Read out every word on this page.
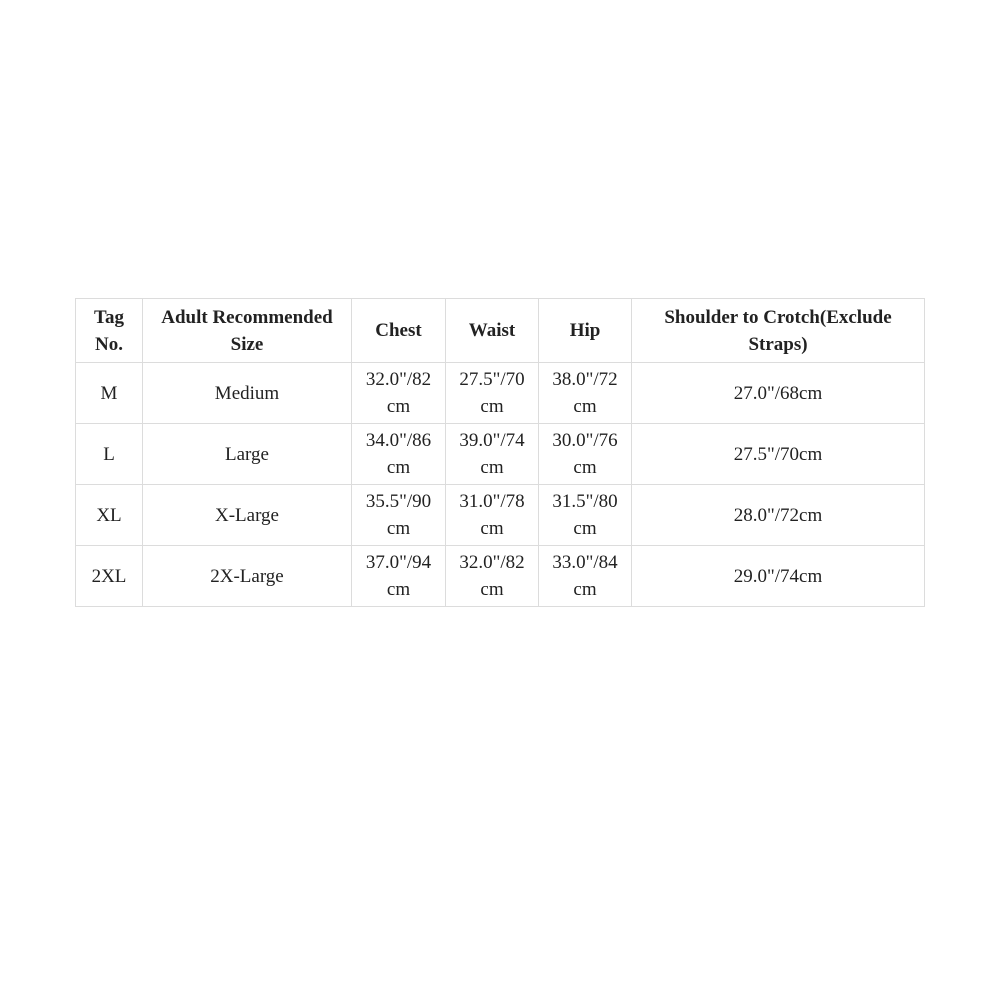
Tag No.	Adult Recommended Size	Chest	Waist	Hip	Shoulder to Crotch(Exclude Straps)
M	Medium	32.0"/82 cm	27.5"/70 cm	38.0"/72 cm	27.0"/68cm
L	Large	34.0"/86 cm	39.0"/74 cm	30.0"/76 cm	27.5"/70cm
XL	X-Large	35.5"/90 cm	31.0"/78 cm	31.5"/80 cm	28.0"/72cm
2XL	2X-Large	37.0"/94 cm	32.0"/82 cm	33.0"/84 cm	29.0"/74cm
